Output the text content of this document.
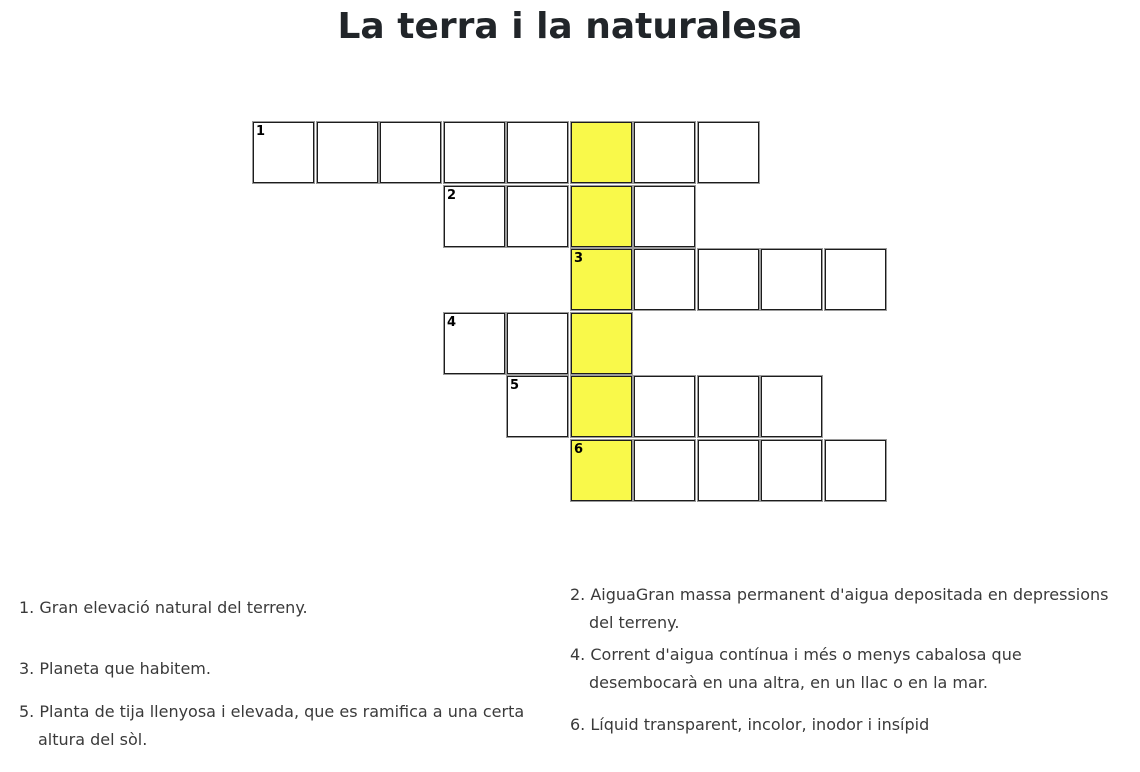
La terra i la naturalesa
1
2
3
4
5
6
1. Gran elevació natural del terreny.
2. AiguaGran massa permanent d'aigua depositada en depressions del terreny.
3. Planeta que habitem.
4. Corrent d'aigua contínua i més o menys cabalosa que desembocarà en una altra, en un llac o en la mar.
5. Planta de tija llenyosa i elevada, que es ramifica a una certa altura del sòl.
6. Líquid transparent, incolor, inodor i insípid
